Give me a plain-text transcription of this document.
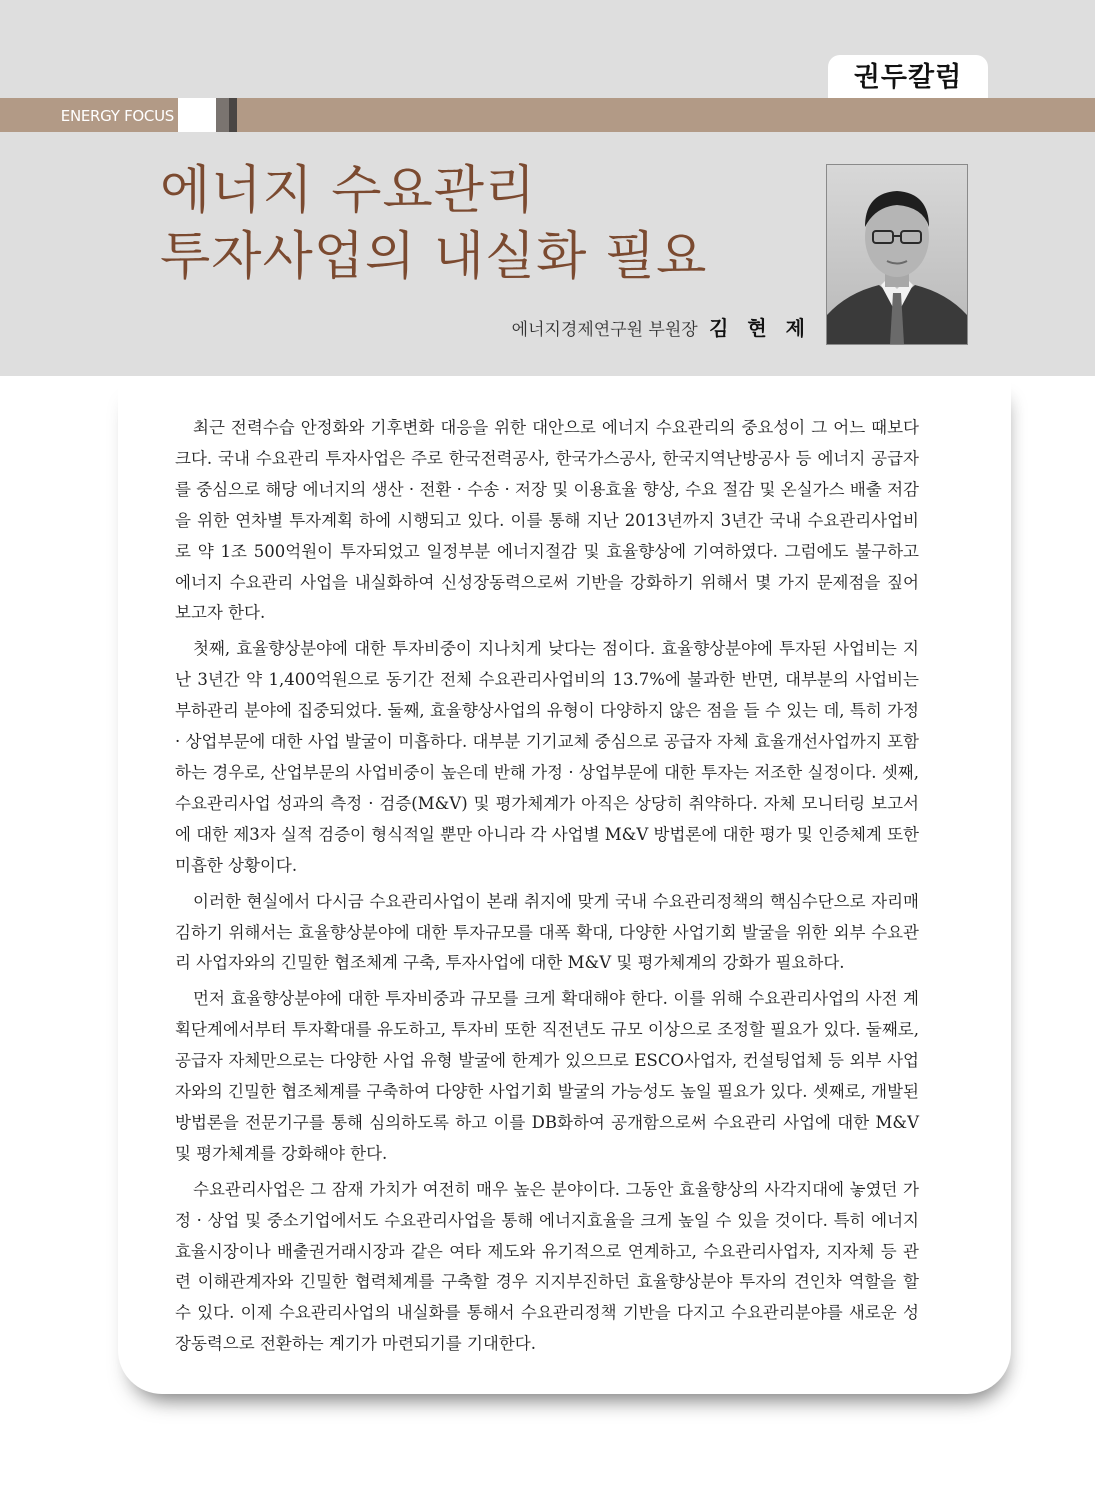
권두칼럼
ENERGY FOCUS
에너지 수요관리
투자사업의 내실화 필요
에너지경제연구원 부원장 김 현 제

최근 전력수습 안정화와 기후변화 대응을 위한 대안으로 에너지 수요관리의 중요성이 그 어느 때보다 크다. 국내 수요관리 투자사업은 주로 한국전력공사, 한국가스공사, 한국지역난방공사 등 에너지 공급자를 중심으로 해당 에너지의 생산 · 전환 · 수송 · 저장 및 이용효율 향상, 수요 절감 및 온실가스 배출 저감을 위한 연차별 투자계획 하에 시행되고 있다. 이를 통해 지난 2013년까지 3년간 국내 수요관리사업비로 약 1조 500억원이 투자되었고 일정부분 에너지절감 및 효율향상에 기여하였다. 그럼에도 불구하고 에너지 수요관리 사업을 내실화하여 신성장동력으로써 기반을 강화하기 위해서 몇 가지 문제점을 짚어 보고자 한다.

첫째, 효율향상분야에 대한 투자비중이 지나치게 낮다는 점이다. 효율향상분야에 투자된 사업비는 지난 3년간 약 1,400억원으로 동기간 전체 수요관리사업비의 13.7%에 불과한 반면, 대부분의 사업비는 부하관리 분야에 집중되었다. 둘째, 효율향상사업의 유형이 다양하지 않은 점을 들 수 있는 데, 특히 가정 · 상업부문에 대한 사업 발굴이 미흡하다. 대부분 기기교체 중심으로 공급자 자체 효율개선사업까지 포함하는 경우로, 산업부문의 사업비중이 높은데 반해 가정 · 상업부문에 대한 투자는 저조한 실정이다. 셋째, 수요관리사업 성과의 측정 · 검증(M&V) 및 평가체계가 아직은 상당히 취약하다. 자체 모니터링 보고서에 대한 제3자 실적 검증이 형식적일 뿐만 아니라 각 사업별 M&V 방법론에 대한 평가 및 인증체계 또한 미흡한 상황이다.

이러한 현실에서 다시금 수요관리사업이 본래 취지에 맞게 국내 수요관리정책의 핵심수단으로 자리매김하기 위해서는 효율향상분야에 대한 투자규모를 대폭 확대, 다양한 사업기회 발굴을 위한 외부 수요관리 사업자와의 긴밀한 협조체계 구축, 투자사업에 대한 M&V 및 평가체계의 강화가 필요하다.

먼저 효율향상분야에 대한 투자비중과 규모를 크게 확대해야 한다. 이를 위해 수요관리사업의 사전 계획단계에서부터 투자확대를 유도하고, 투자비 또한 직전년도 규모 이상으로 조정할 필요가 있다. 둘째로, 공급자 자체만으로는 다양한 사업 유형 발굴에 한계가 있으므로 ESCO사업자, 컨설팅업체 등 외부 사업자와의 긴밀한 협조체계를 구축하여 다양한 사업기회 발굴의 가능성도 높일 필요가 있다. 셋째로, 개발된 방법론을 전문기구를 통해 심의하도록 하고 이를 DB화하여 공개함으로써 수요관리 사업에 대한 M&V 및 평가체계를 강화해야 한다.

수요관리사업은 그 잠재 가치가 여전히 매우 높은 분야이다. 그동안 효율향상의 사각지대에 놓였던 가정 · 상업 및 중소기업에서도 수요관리사업을 통해 에너지효율을 크게 높일 수 있을 것이다. 특히 에너지효율시장이나 배출권거래시장과 같은 여타 제도와 유기적으로 연계하고, 수요관리사업자, 지자체 등 관련 이해관계자와 긴밀한 협력체계를 구축할 경우 지지부진하던 효율향상분야 투자의 견인차 역할을 할 수 있다. 이제 수요관리사업의 내실화를 통해서 수요관리정책 기반을 다지고 수요관리분야를 새로운 성장동력으로 전환하는 계기가 마련되기를 기대한다.
